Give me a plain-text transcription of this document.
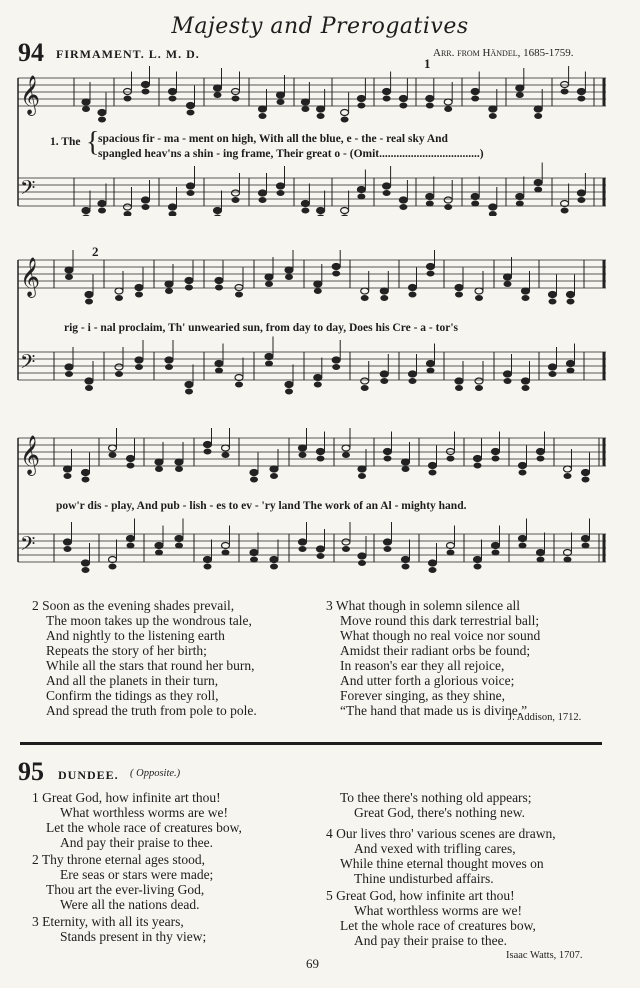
Majesty and Prerogatives
94 FIRMAMENT. L. M. D.	Arr. from Händel, 1685-1759.
1
2
𝄞
𝄢
𝄞
𝄢
𝄞
𝄢
1. The {
spacious fir - ma - ment on high, With all the blue, e - the - real sky And
spangled heav'ns a shin - ing frame, Their great o - (Omit...................................)
rig - i - nal proclaim, Th' unwearied sun, from day to day, Does his Cre - a - tor's
pow'r dis - play, And pub - lish - es to ev - 'ry land The work of an Al - mighty hand.
2 Soon as the evening shades prevail,
The moon takes up the wondrous tale,
And nightly to the listening earth
Repeats the story of her birth;
While all the stars that round her burn,
And all the planets in their turn,
Confirm the tidings as they roll,
And spread the truth from pole to pole.
3 What though in solemn silence all
Move round this dark terrestrial ball;
What though no real voice nor sound
Amidst their radiant orbs be found;
In reason's ear they all rejoice,
And utter forth a glorious voice;
Forever singing, as they shine,
“The hand that made us is divine.”
J. Addison, 1712.
95 DUNDEE. ( Opposite.)
1 Great God, how infinite art thou!
What worthless worms are we!
Let the whole race of creatures bow,
And pay their praise to thee.
2 Thy throne eternal ages stood,
Ere seas or stars were made;
Thou art the ever-living God,
Were all the nations dead.
3 Eternity, with all its years,
Stands present in thy view;
To thee there's nothing old appears;
Great God, there's nothing new.
4 Our lives thro' various scenes are drawn,
And vexed with trifling cares,
While thine eternal thought moves on
Thine undisturbed affairs.
5 Great God, how infinite art thou!
What worthless worms are we!
Let the whole race of creatures bow,
And pay their praise to thee.
Isaac Watts, 1707.
69
